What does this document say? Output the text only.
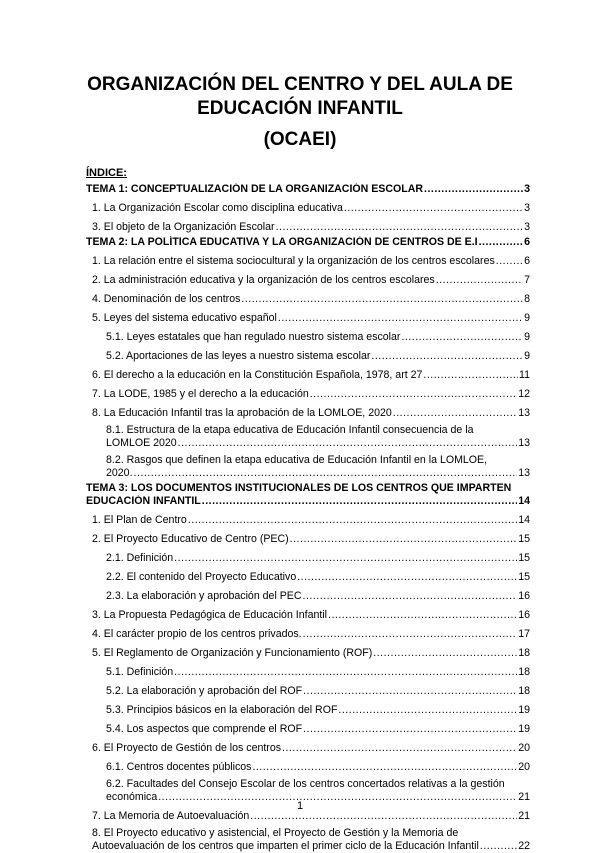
ORGANIZACIÓN DEL CENTRO Y DEL AULA DE
EDUCACIÓN INFANTIL
(OCAEI)
ÍNDICE:
TEMA 1: CONCEPTUALIZACIÓN DE LA ORGANIZACIÓN ESCOLAR .....	3
1. La Organización Escolar como disciplina educativa .....	3
3. El objeto de la Organización Escolar .....	3
TEMA 2: LA POLÍTICA EDUCATIVA Y LA ORGANIZACIÓN DE CENTROS DE E.I .....	6
1. La relación entre el sistema sociocultural y la organización de los centros escolares .....	6
2. La administración educativa y la organización de los centros escolares .....	7
4. Denominación de los centros .....	8
5. Leyes del sistema educativo español .....	9
5.1. Leyes estatales que han regulado nuestro sistema escolar .....	9
5.2. Aportaciones de las leyes a nuestro sistema escolar .....	9
6. El derecho a la educación en la Constitución Española, 1978, art 27 .....	11
7. La LODE, 1985 y el derecho a la educación .....	12
8. La Educación Infantil tras la aprobación de la LOMLOE, 2020 .....	13
8.1. Estructura de la etapa educativa de Educación Infantil consecuencia de la
LOMLOE 2020 .....	13
8.2. Rasgos que definen la etapa educativa de Educación Infantil en la LOMLOE,
2020. .....	13
TEMA 3: LOS DOCUMENTOS INSTITUCIONALES DE LOS CENTROS QUE IMPARTEN
EDUCACIÓN INFANTIL .....	14
1. El Plan de Centro .....	14
2. El Proyecto Educativo de Centro (PEC) .....	15
2.1. Definición .....	15
2.2. El contenido del Proyecto Educativo .....	15
2.3. La elaboración y aprobación del PEC .....	16
3. La Propuesta Pedagógica de Educación Infantil .....	16
4. El carácter propio de los centros privados. .....	17
5. El Reglamento de Organización y Funcionamiento (ROF) .....	18
5.1. Definición .....	18
5.2. La elaboración y aprobación del ROF .....	18
5.3. Principios básicos en la elaboración del ROF .....	19
5.4. Los aspectos que comprende el ROF .....	19
6. El Proyecto de Gestión de los centros .....	20
6.1. Centros docentes públicos .....	20
6.2. Facultades del Consejo Escolar de los centros concertados relativas a la gestión
económica .....	21
7. La Memoria de Autoevaluación .....	21
8. El Proyecto educativo y asistencial, el Proyecto de Gestión y la Memoria de
Autoevaluación de los centros que imparten el primer ciclo de la Educación Infantil .....	22
1
